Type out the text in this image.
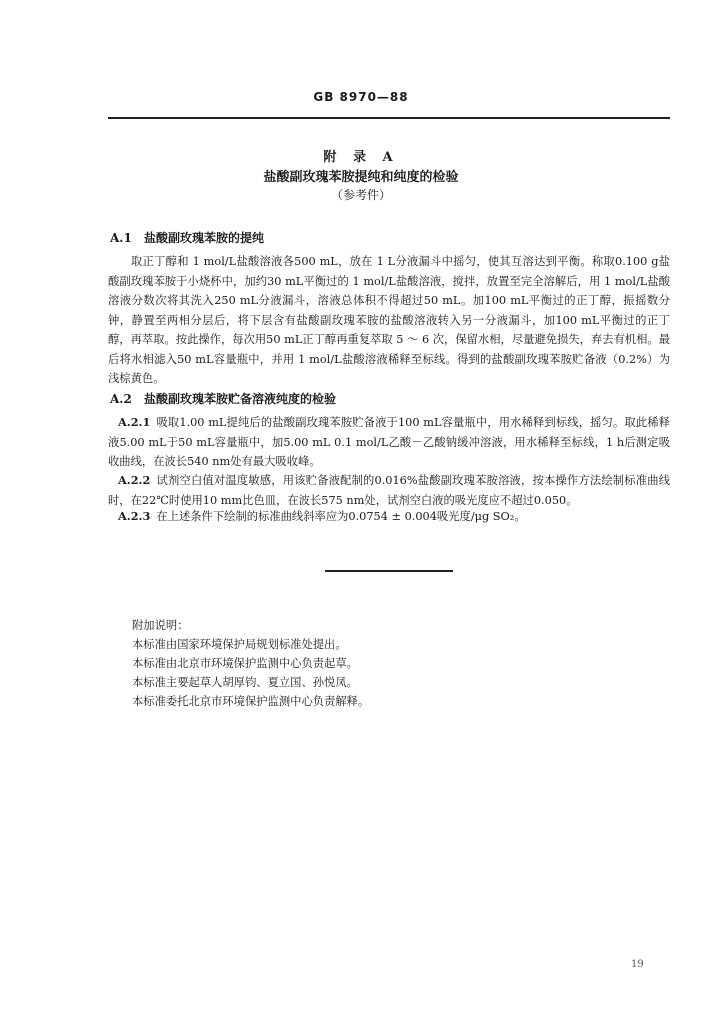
GB 8970—88
附 录 A
盐酸副玫瑰苯胺提纯和纯度的检验
（参考件）
A.1 盐酸副玫瑰苯胺的提纯
取正丁醇和 1 mol/L盐酸溶液各500 mL，放在 1 L分液漏斗中摇匀，使其互溶达到平衡。称取0.100 g盐酸副玫瑰苯胺于小烧杯中，加约30 mL平衡过的 1 mol/L盐酸溶液，搅拌，放置至完全溶解后，用 1 mol/L盐酸溶液分数次将其洗入250 mL分液漏斗，溶液总体积不得超过50 mL。加100 mL平衡过的正丁醇，振摇数分钟，静置至两相分层后，将下层含有盐酸副玫瑰苯胺的盐酸溶液转入另一分液漏斗，加100 mL平衡过的正丁醇，再萃取。按此操作，每次用50 mL正丁醇再重复萃取 5 ～ 6 次，保留水相，尽量避免损失，弃去有机相。最后将水相滤入50 mL容量瓶中，并用 1 mol/L盐酸溶液稀释至标线。得到的盐酸副玫瑰苯胺贮备液（0.2%）为浅棕黄色。
A.2 盐酸副玫瑰苯胺贮备溶液纯度的检验
A.2.1 吸取1.00 mL提纯后的盐酸副玫瑰苯胺贮备液于100 mL容量瓶中，用水稀释到标线，摇匀。取此稀释液5.00 mL于50 mL容量瓶中，加5.00 mL 0.1 mol/L乙酸－乙酸钠缓冲溶液，用水稀释至标线，1 h后测定吸收曲线，在波长540 nm处有最大吸收峰。
A.2.2 试剂空白值对温度敏感，用该贮备液配制的0.016%盐酸副玫瑰苯胺溶液，按本操作方法绘制标准曲线时，在22℃时使用10 mm比色皿，在波长575 nm处，试剂空白液的吸光度应不超过0.050。
A.2.3 在上述条件下绘制的标准曲线斜率应为0.0754 ± 0.004吸光度/μg SO₂。
附加说明：
本标准由国家环境保护局规划标准处提出。
本标准由北京市环境保护监测中心负责起草。
本标准主要起草人胡厚钧、夏立国、孙悦凤。
本标准委托北京市环境保护监测中心负责解释。
19
